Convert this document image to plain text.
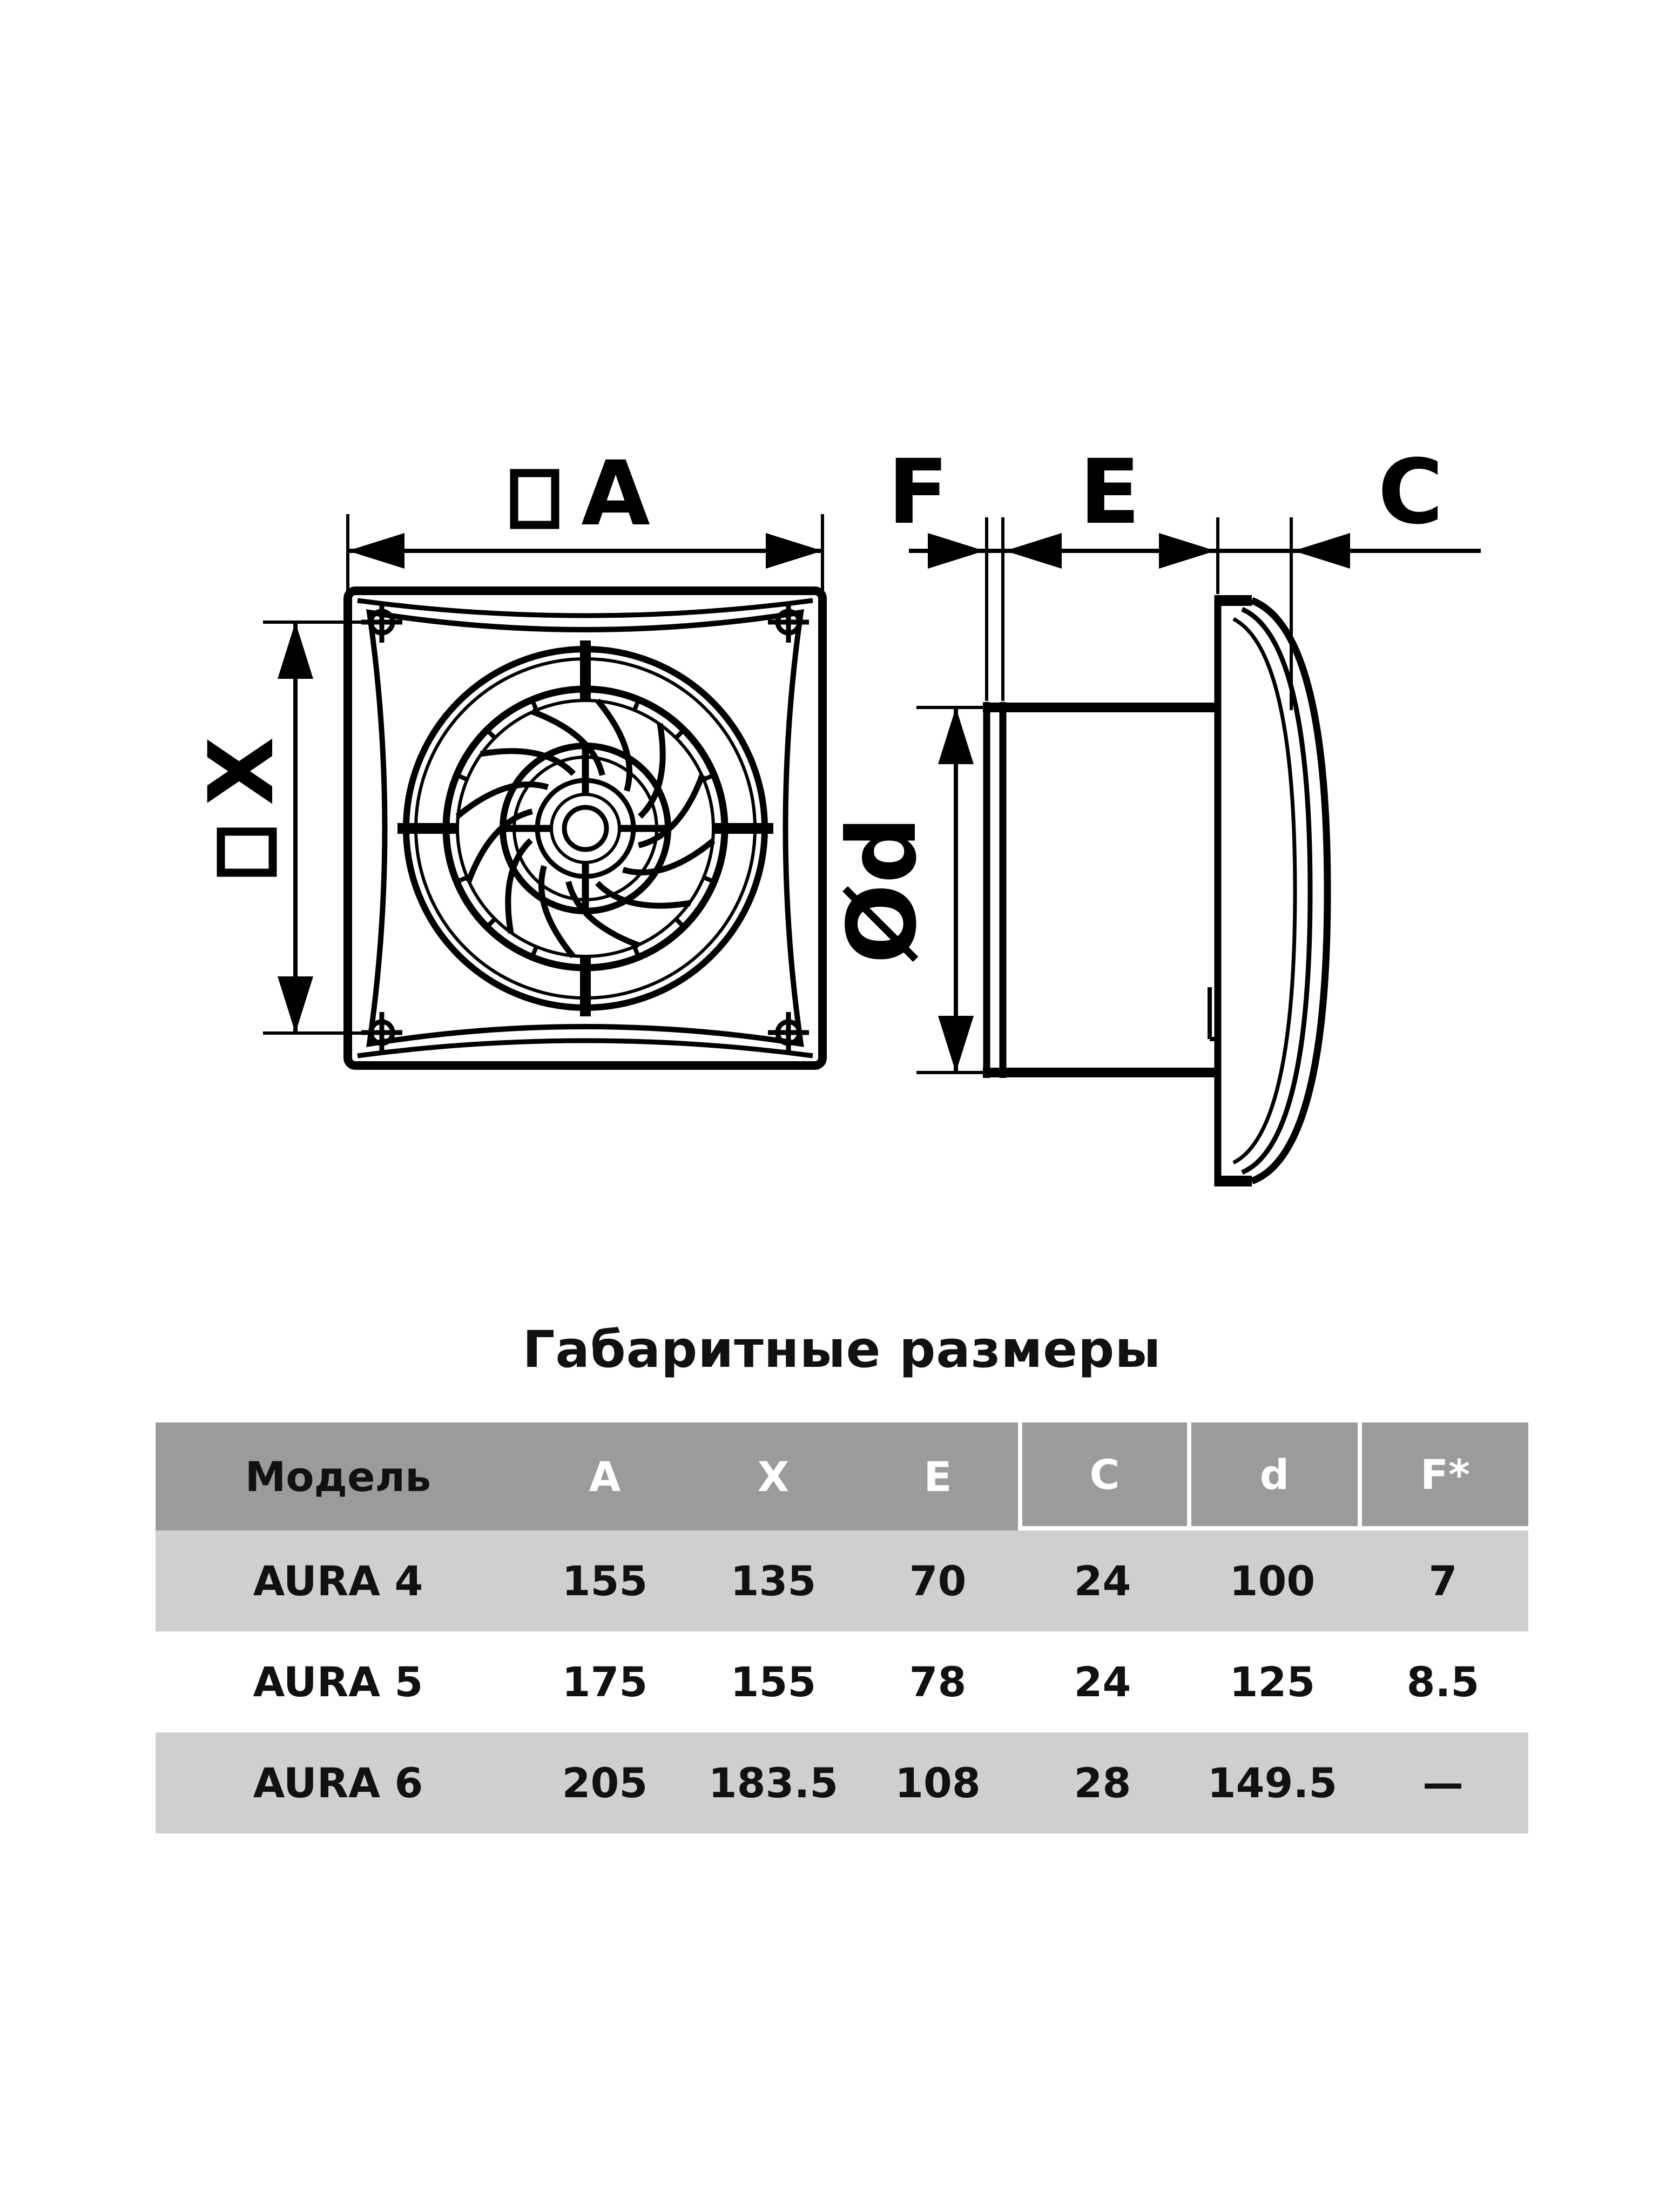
A
X
F E	C
Ød
Габаритные размеры
Модель	A	X	E	C	d	F*
AURA 4	155	135	70	24	100	7
AURA 5	175	155	78	24	125	8.5
AURA 6	205	183.5	108	28	149.5	—
